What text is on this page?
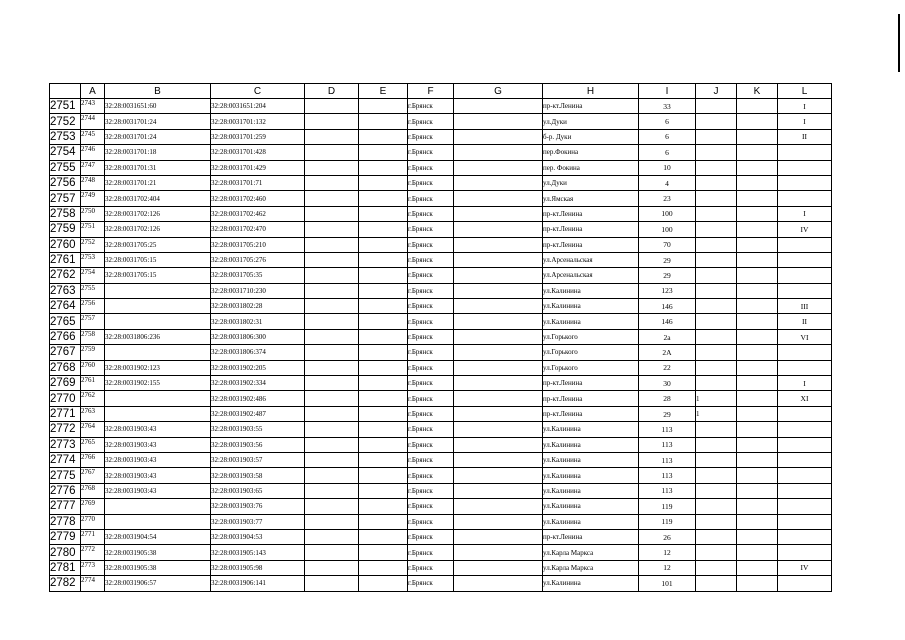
	A	B	C	D	E	F	G	H	I	J	K	L
2751	2743	32:28:0031651:60	32:28:0031651:204			г.Брянск		пр-кт.Ленина	33			I
2752	2744	32:28:0031701:24	32:28:0031701:132			г.Брянск		ул.Дуки	6			I
2753	2745	32:28:0031701:24	32:28:0031701:259			г.Брянск		б-р. Дуки	6			II
2754	2746	32:28:0031701:18	32:28:0031701:428			г.Брянск		пер.Фокина	6			
2755	2747	32:28:0031701:31	32:28:0031701:429			г.Брянск		пер. Фокина	10			
2756	2748	32:28:0031701:21	32:28:0031701:71			г.Брянск		ул.Дуки	4			
2757	2749	32:28:0031702:404	32:28:0031702:460			г.Брянск		ул.Ямская	23			
2758	2750	32:28:0031702:126	32:28:0031702:462			г.Брянск		пр-кт.Ленина	100			I
2759	2751	32:28:0031702:126	32:28:0031702:470			г.Брянск		пр-кт.Ленина	100			IV
2760	2752	32:28:0031705:25	32:28:0031705:210			г.Брянск		пр-кт.Ленина	70			
2761	2753	32:28:0031705:15	32:28:0031705:276			г.Брянск		ул.Арсенальская	29			
2762	2754	32:28:0031705:15	32:28:0031705:35			г.Брянск		ул.Арсенальская	29			
2763	2755		32:28:0031710:230			г.Брянск		ул.Калинина	123			
2764	2756		32:28:0031802:28			г.Брянск		ул.Калинина	146			III
2765	2757		32:28:0031802:31			г.Брянск		ул.Калинина	146			II
2766	2758	32:28:0031806:236	32:28:0031806:300			г.Брянск		ул.Горького	2а			VI
2767	2759		32:28:0031806:374			г.Брянск		ул.Горького	2А			
2768	2760	32:28:0031902:123	32:28:0031902:205			г.Брянск		ул.Горького	22			
2769	2761	32:28:0031902:155	32:28:0031902:334			г.Брянск		пр-кт.Ленина	30			I
2770	2762		32:28:0031902:486			г.Брянск		пр-кт.Ленина	28	1		XI
2771	2763		32:28:0031902:487			г.Брянск		пр-кт.Ленина	29	1		
2772	2764	32:28:0031903:43	32:28:0031903:55			г.Брянск		ул.Калинина	113			
2773	2765	32:28:0031903:43	32:28:0031903:56			г.Брянск		ул.Калинина	113			
2774	2766	32:28:0031903:43	32:28:0031903:57			г.Брянск		ул.Калинина	113			
2775	2767	32:28:0031903:43	32:28:0031903:58			г.Брянск		ул.Калинина	113			
2776	2768	32:28:0031903:43	32:28:0031903:65			г.Брянск		ул.Калинина	113			
2777	2769		32:28:0031903:76			г.Брянск		ул.Калинина	119			
2778	2770		32:28:0031903:77			г.Брянск		ул.Калинина	119			
2779	2771	32:28:0031904:54	32:28:0031904:53			г.Брянск		пр-кт.Ленина	26			
2780	2772	32:28:0031905:38	32:28:0031905:143			г.Брянск		ул.Карла Маркса	12			
2781	2773	32:28:0031905:38	32:28:0031905:98			г.Брянск		ул.Карла Маркса	12			IV
2782	2774	32:28:0031906:57	32:28:0031906:141			г.Брянск		ул.Калинина	101			
